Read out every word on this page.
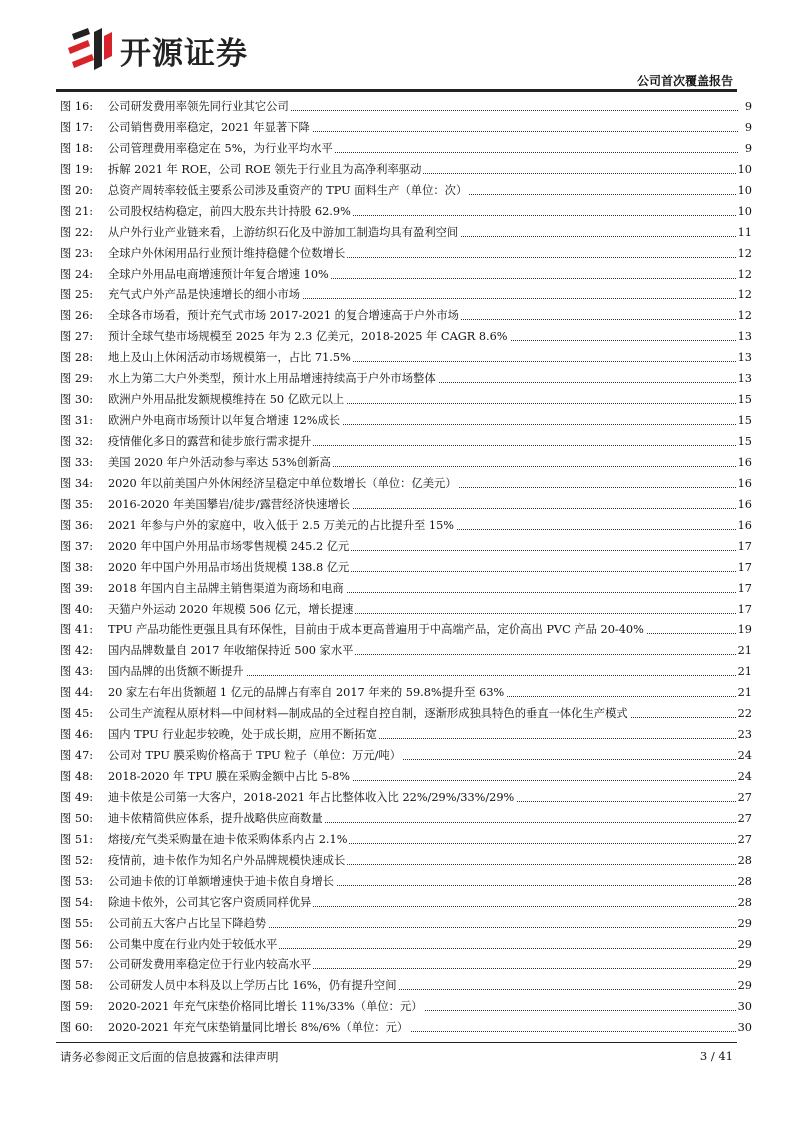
开源证券
公司首次覆盖报告
图 16: 公司研发费用率领先同行业其它公司	9
图 17: 公司销售费用率稳定，2021 年显著下降	9
图 18: 公司管理费用率稳定在 5%，为行业平均水平	9
图 19: 拆解 2021 年 ROE，公司 ROE 领先于行业且为高净利率驱动	10
图 20: 总资产周转率较低主要系公司涉及重资产的 TPU 面料生产（单位：次）	10
图 21: 公司股权结构稳定，前四大股东共计持股 62.9%	10
图 22: 从户外行业产业链来看，上游纺织石化及中游加工制造均具有盈利空间	11
图 23: 全球户外休闲用品行业预计维持稳健个位数增长	12
图 24: 全球户外用品电商增速预计年复合增速 10%	12
图 25: 充气式户外产品是快速增长的细小市场	12
图 26: 全球各市场看，预计充气式市场 2017-2021 的复合增速高于户外市场	12
图 27: 预计全球气垫市场规模至 2025 年为 2.3 亿美元，2018-2025 年 CAGR 8.6%	13
图 28: 地上及山上休闲活动市场规模第一，占比 71.5%	13
图 29: 水上为第二大户外类型，预计水上用品增速持续高于户外市场整体	13
图 30: 欧洲户外用品批发额规模维持在 50 亿欧元以上	15
图 31: 欧洲户外电商市场预计以年复合增速 12%成长	15
图 32: 疫情催化多日的露营和徒步旅行需求提升	15
图 33: 美国 2020 年户外活动参与率达 53%创新高	16
图 34: 2020 年以前美国户外休闲经济呈稳定中单位数增长（单位：亿美元）	16
图 35: 2016-2020 年美国攀岩/徒步/露营经济快速增长	16
图 36: 2021 年参与户外的家庭中，收入低于 2.5 万美元的占比提升至 15%	16
图 37: 2020 年中国户外用品市场零售规模 245.2 亿元	17
图 38: 2020 年中国户外用品市场出货规模 138.8 亿元	17
图 39: 2018 年国内自主品牌主销售渠道为商场和电商	17
图 40: 天猫户外运动 2020 年规模 506 亿元，增长提速	17
图 41: TPU 产品功能性更强且具有环保性，目前由于成本更高普遍用于中高端产品，定价高出 PVC 产品 20-40%	19
图 42: 国内品牌数量自 2017 年收缩保持近 500 家水平	21
图 43: 国内品牌的出货额不断提升	21
图 44: 20 家左右年出货额超 1 亿元的品牌占有率自 2017 年来的 59.8%提升至 63%	21
图 45: 公司生产流程从原材料—中间材料—制成品的全过程自控自制，逐渐形成独具特色的垂直一体化生产模式	22
图 46: 国内 TPU 行业起步较晚，处于成长期，应用不断拓宽	23
图 47: 公司对 TPU 膜采购价格高于 TPU 粒子（单位：万元/吨）	24
图 48: 2018-2020 年 TPU 膜在采购金额中占比 5-8%	24
图 49: 迪卡侬是公司第一大客户，2018-2021 年占比整体收入比 22%/29%/33%/29%	27
图 50: 迪卡侬精简供应体系，提升战略供应商数量	27
图 51: 熔接/充气类采购量在迪卡侬采购体系内占 2.1%	27
图 52: 疫情前，迪卡侬作为知名户外品牌规模快速成长	28
图 53: 公司迪卡侬的订单额增速快于迪卡侬自身增长	28
图 54: 除迪卡侬外，公司其它客户资质同样优异	28
图 55: 公司前五大客户占比呈下降趋势	29
图 56: 公司集中度在行业内处于较低水平	29
图 57: 公司研发费用率稳定位于行业内较高水平	29
图 58: 公司研发人员中本科及以上学历占比 16%，仍有提升空间	29
图 59: 2020-2021 年充气床垫价格同比增长 11%/33%（单位：元）	30
图 60: 2020-2021 年充气床垫销量同比增长 8%/6%（单位：元）	30
请务必参阅正文后面的信息披露和法律声明	3 / 41
